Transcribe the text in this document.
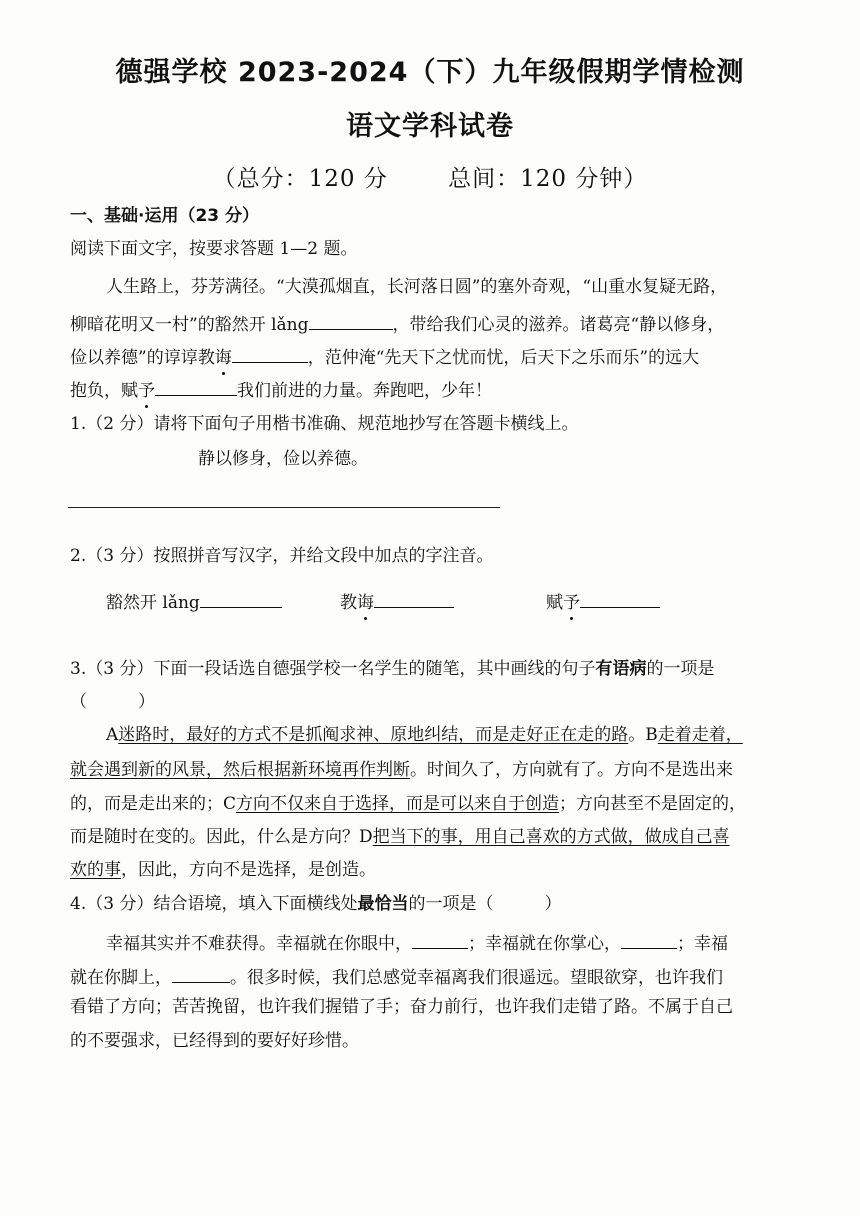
德强学校 2023-2024（下）九年级假期学情检测
语文学科试卷
（总分：120 分	总间：120 分钟）
一、基础·运用（23 分）
阅读下面文字，按要求答题 1—2 题。
人生路上，芬芳满径。“大漠孤烟直，长河落日圆”的塞外奇观，“山重水复疑无路，
柳暗花明又一村”的豁然开 lǎng	，带给我们心灵的滋养。诸葛亮“静以修身，
俭以养德”的谆谆教诲	，范仲淹“先天下之忧而忧，后天下之乐而乐”的远大
抱负，赋予	我们前进的力量。奔跑吧，少年！
1.（2 分）请将下面句子用楷书准确、规范地抄写在答题卡横线上。
静以修身，俭以养德。
2.（3 分）按照拼音写汉字，并给文段中加点的字注音。
豁然开 lǎng	教诲	赋予
3.（3 分）下面一段话选自德强学校一名学生的随笔，其中画线的句子有语病的一项是
（　　　）
A迷路时，最好的方式不是抓阄求神、原地纠结，而是走好正在走的路。B走着走着，
就会遇到新的风景，然后根据新环境再作判断。时间久了，方向就有了。方向不是选出来
的，而是走出来的；C方向不仅来自于选择，而是可以来自于创造；方向甚至不是固定的，
而是随时在变的。因此，什么是方向？D把当下的事，用自己喜欢的方式做，做成自己喜
欢的事，因此，方向不是选择，是创造。
4.（3 分）结合语境，填入下面横线处最恰当的一项是（　　　）
幸福其实并不难获得。幸福就在你眼中，	；幸福就在你掌心，	；幸福
就在你脚上，	。很多时候，我们总感觉幸福离我们很遥远。望眼欲穿，也许我们
看错了方向；苦苦挽留，也许我们握错了手；奋力前行，也许我们走错了路。不属于自己
的不要强求，已经得到的要好好珍惜。
